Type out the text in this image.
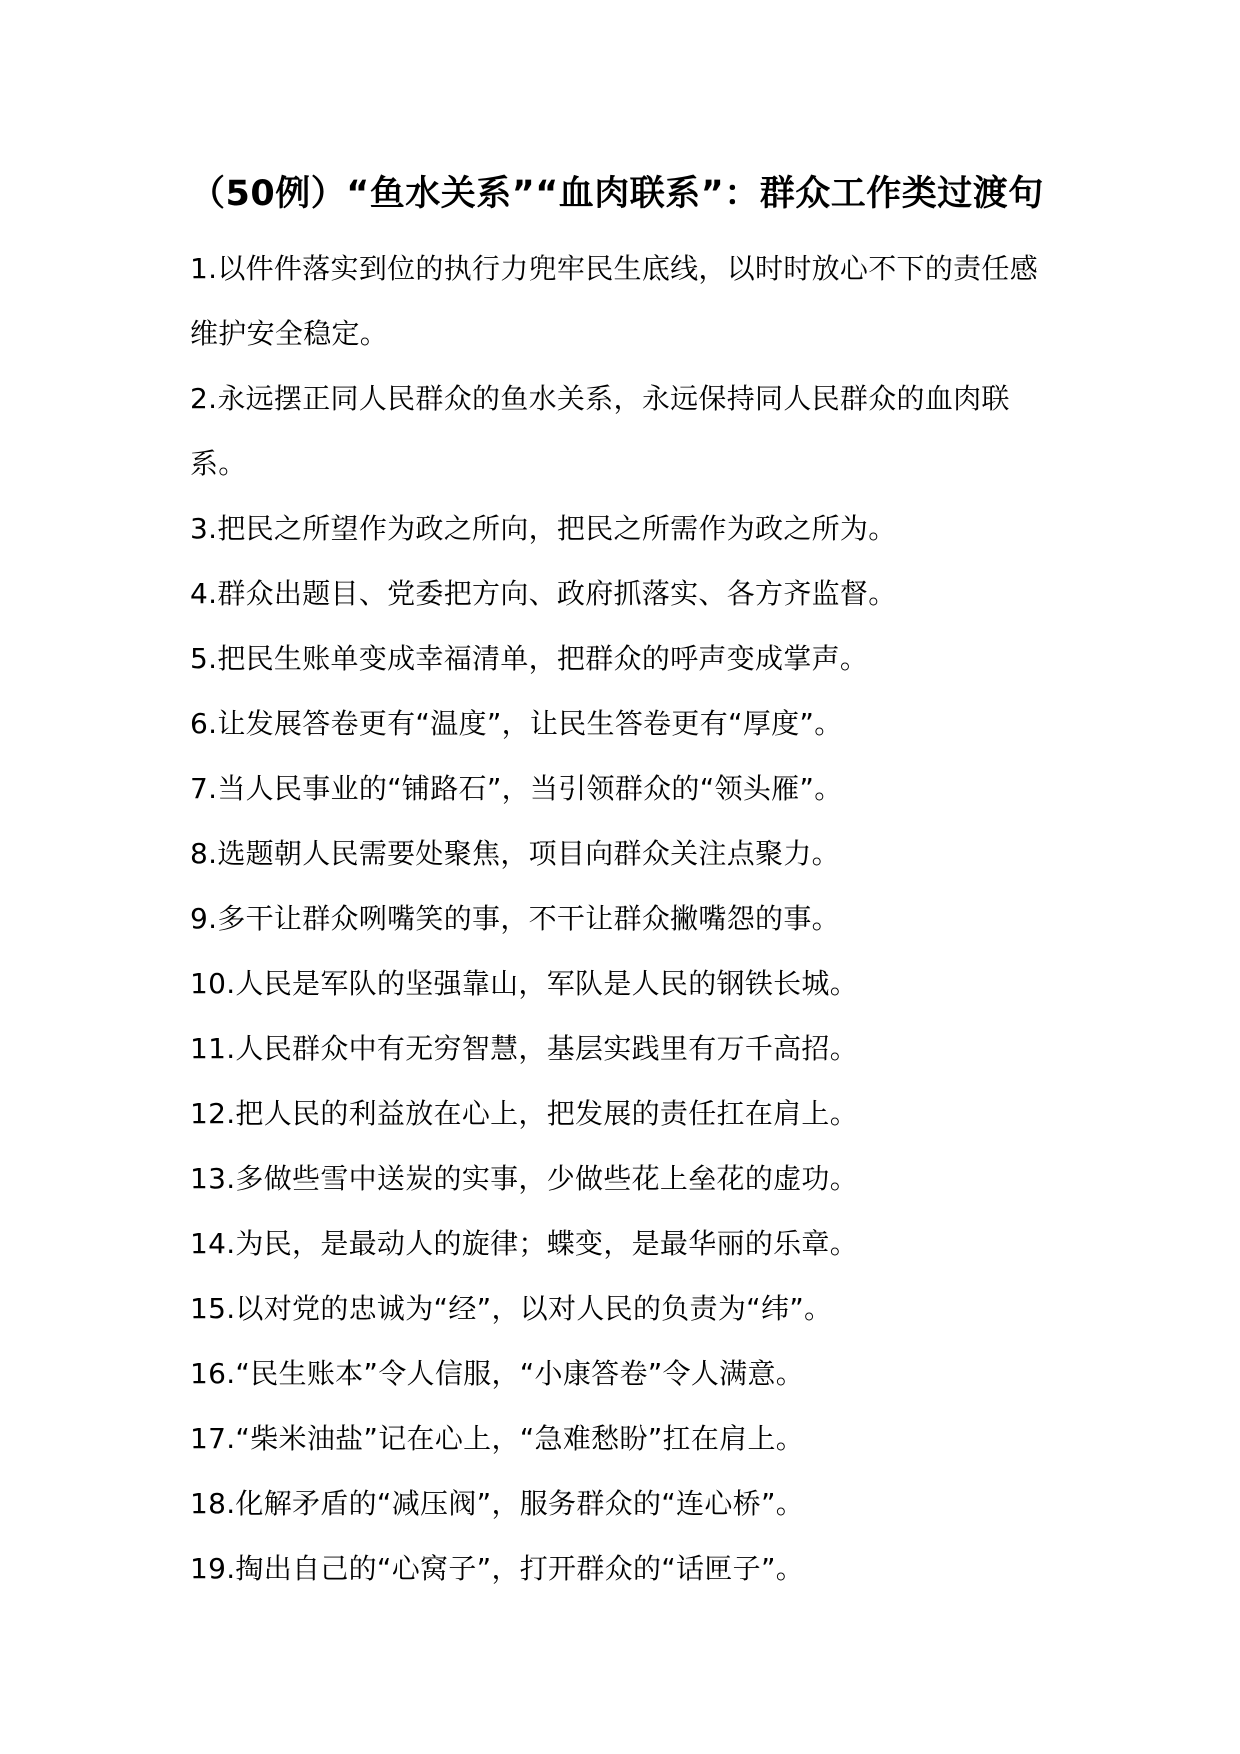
（50例）“鱼水关系”“血肉联系”：群众工作类过渡句

1.以件件落实到位的执行力兜牢民生底线，以时时放心不下的责任感维护安全稳定。

2.永远摆正同人民群众的鱼水关系，永远保持同人民群众的血肉联系。

3.把民之所望作为政之所向，把民之所需作为政之所为。

4.群众出题目、党委把方向、政府抓落实、各方齐监督。

5.把民生账单变成幸福清单，把群众的呼声变成掌声。

6.让发展答卷更有“温度”，让民生答卷更有“厚度”。

7.当人民事业的“铺路石”，当引领群众的“领头雁”。

8.选题朝人民需要处聚焦，项目向群众关注点聚力。

9.多干让群众咧嘴笑的事，不干让群众撇嘴怨的事。

10.人民是军队的坚强靠山，军队是人民的钢铁长城。

11.人民群众中有无穷智慧，基层实践里有万千高招。

12.把人民的利益放在心上，把发展的责任扛在肩上。

13.多做些雪中送炭的实事，少做些花上垒花的虚功。

14.为民，是最动人的旋律；蝶变，是最华丽的乐章。

15.以对党的忠诚为“经”，以对人民的负责为“纬”。

16.“民生账本”令人信服，“小康答卷”令人满意。

17.“柴米油盐”记在心上，“急难愁盼”扛在肩上。

18.化解矛盾的“减压阀”，服务群众的“连心桥”。

19.掏出自己的“心窝子”，打开群众的“话匣子”。
